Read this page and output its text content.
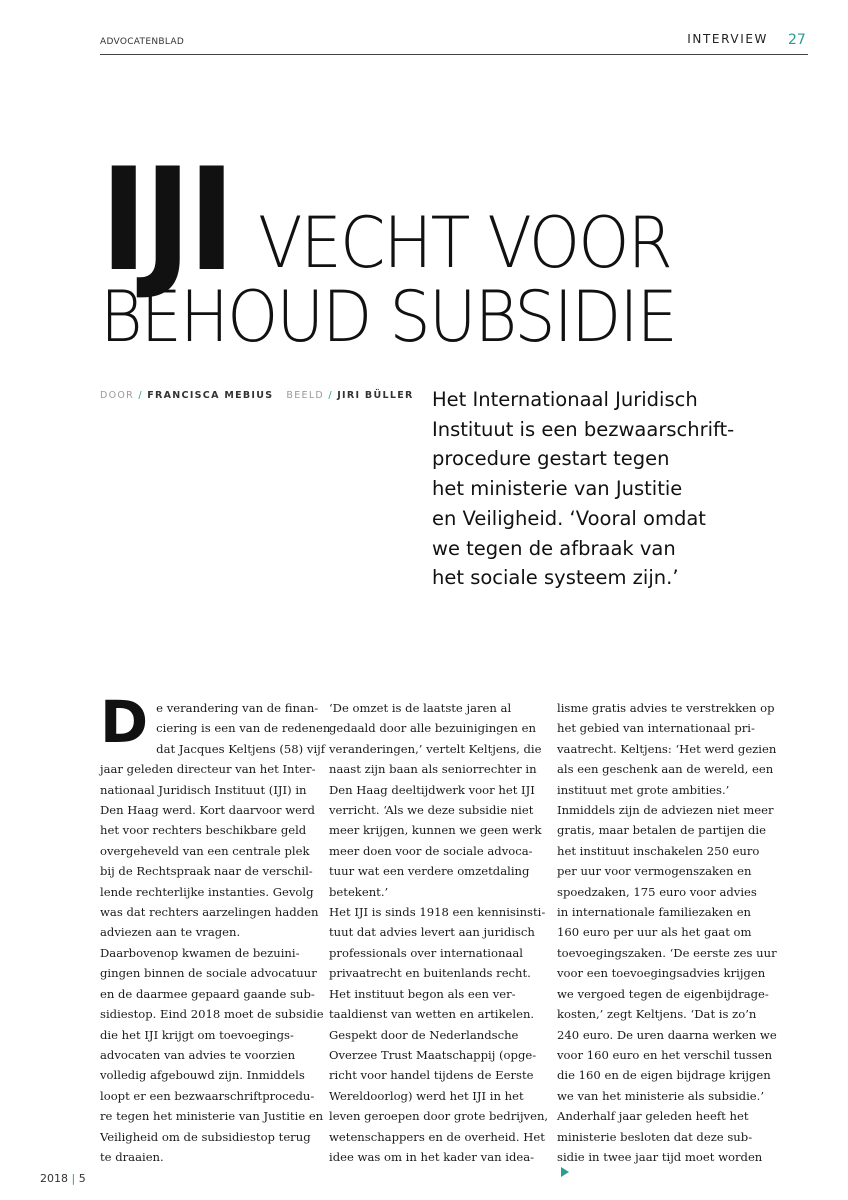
ADVOCATENBLAD	INTERVIEW 27
IJI VECHT VOOR
BEHOUD SUBSIDIE
DOOR / FRANCISCA MEBIUS BEELD / JIRI BÜLLER Het Internationaal Juridisch
Instituut is een bezwaarschrift-
procedure gestart tegen
het ministerie van Justitie
en Veiligheid. ‘Vooral omdat
we tegen de afbraak van
het sociale systeem zijn.’
D e verandering van de finan-
ciering is een van de redenen
dat Jacques Keltjens (58) vijf
jaar geleden directeur van het Inter-
nationaal Juridisch Instituut (IJI) in
Den Haag werd. Kort daarvoor werd
het voor rechters beschikbare geld
overgeheveld van een centrale plek
bij de Rechtspraak naar de verschil-
lende rechterlijke instanties. Gevolg
was dat rechters aarzelingen hadden
adviezen aan te vragen.
Daarbovenop kwamen de bezuini-
gingen binnen de sociale advocatuur
en de daarmee gepaard gaande sub-
sidiestop. Eind 2018 moet de subsidie
die het IJI krijgt om toevoegings-
advocaten van advies te voorzien
volledig afgebouwd zijn. Inmiddels
loopt er een bezwaarschriftprocedu-
re tegen het ministerie van Justitie en
Veiligheid om de subsidiestop terug
te draaien.
‘De omzet is de laatste jaren al
gedaald door alle bezuinigingen en
veranderingen,’ vertelt Keltjens, die
naast zijn baan als seniorrechter in
Den Haag deeltijdwerk voor het IJI
verricht. ‘Als we deze subsidie niet
meer krijgen, kunnen we geen werk
meer doen voor de sociale advoca-
tuur wat een verdere omzetdaling
betekent.’
Het IJI is sinds 1918 een kennisinsti-
tuut dat advies levert aan juridisch
professionals over internationaal
privaatrecht en buitenlands recht.
Het instituut begon als een ver-
taaldienst van wetten en artikelen.
Gespekt door de Nederlandsche
Overzee Trust Maatschappij (opge-
richt voor handel tijdens de Eerste
Wereldoorlog) werd het IJI in het
leven geroepen door grote bedrijven,
wetenschappers en de overheid. Het
idee was om in het kader van idea-
lisme gratis advies te verstrekken op
het gebied van internationaal pri-
vaatrecht. Keltjens: ‘Het werd gezien
als een geschenk aan de wereld, een
instituut met grote ambities.’
Inmiddels zijn de adviezen niet meer
gratis, maar betalen de partijen die
het instituut inschakelen 250 euro
per uur voor vermogenszaken en
spoedzaken, 175 euro voor advies
in internationale familiezaken en
160 euro per uur als het gaat om
toevoegingszaken. ‘De eerste zes uur
voor een toevoegingsadvies krijgen
we vergoed tegen de eigenbijdrage-
kosten,’ zegt Keltjens. ‘Dat is zo’n
240 euro. De uren daarna werken we
voor 160 euro en het verschil tussen
die 160 en de eigen bijdrage krijgen
we van het ministerie als subsidie.’
Anderhalf jaar geleden heeft het
ministerie besloten dat deze sub-
sidie in twee jaar tijd moet worden
2018 | 5
